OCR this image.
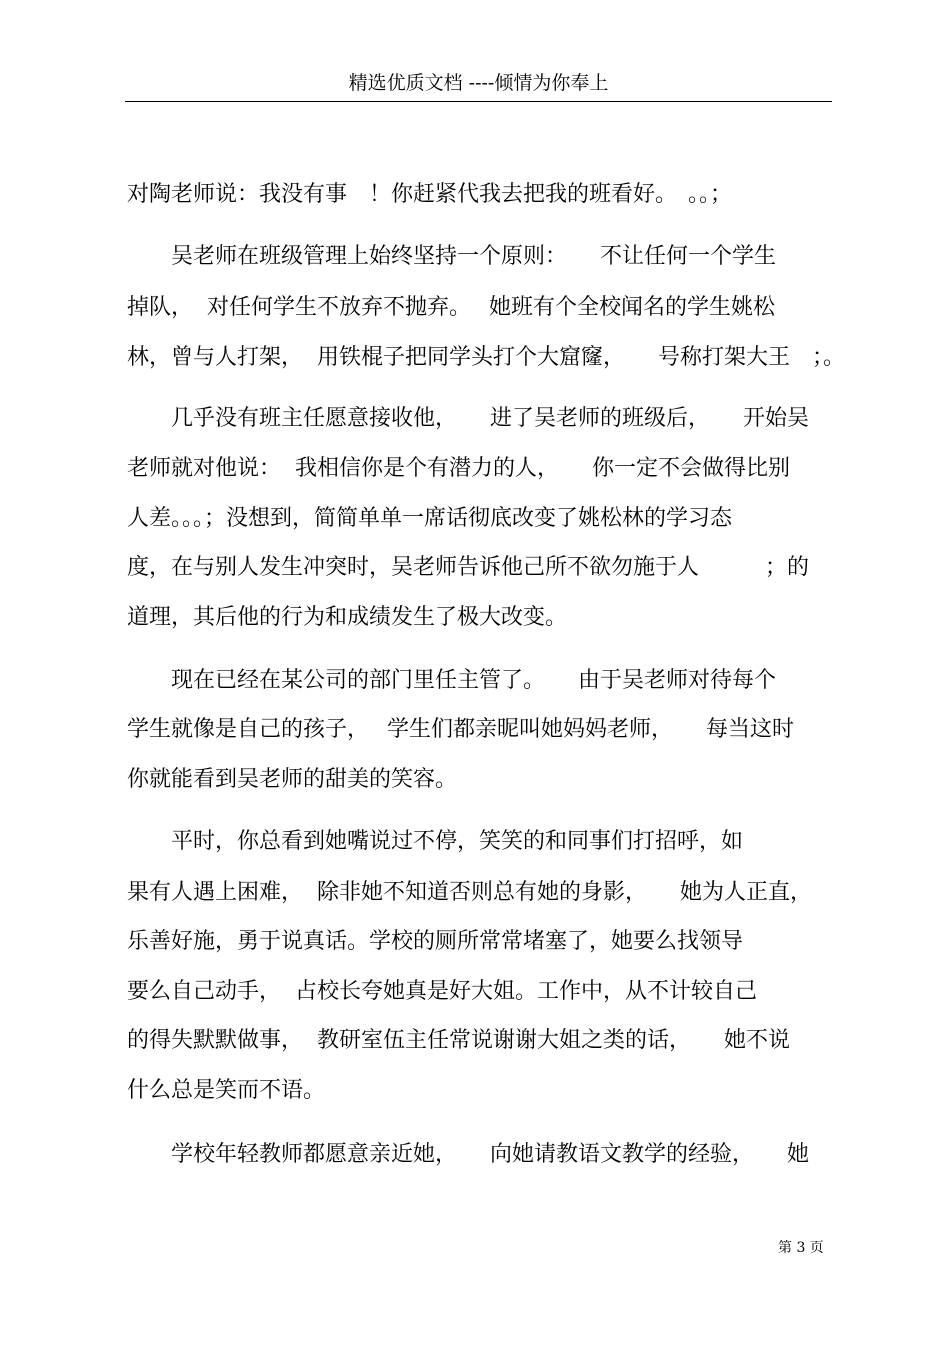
精选优质文档 ----倾情为你奉上
对陶老师说：我没有事　！你赶紧代我去把我的班看好。　。。；
　　吴老师在班级管理上始终坚持一个原则：　　不让任何一个学生
掉队，  对任何学生不放弃不抛弃。　 她班有个全校闻名的学生姚松
林，曾与人打架，  用铁棍子把同学头打个大窟窿，　　号称打架大王　；。
　　几乎没有班主任愿意接收他，　　进了吴老师的班级后，　　开始吴
老师就对他说：  我相信你是个有潜力的人，　　你一定不会做得比别
人差。。。；没想到，简简单单一席话彻底改变了姚松林的学习态
度，在与别人发生冲突时，吴老师告诉他己所不欲勿施于人　　　；的
道理，其后他的行为和成绩发生了极大改变。
　　现在已经在某公司的部门里任主管了。　　由于吴老师对待每个
学生就像是自己的孩子，　 学生们都亲昵叫她妈妈老师，　　每当这时
你就能看到吴老师的甜美的笑容。
　　平时，你总看到她嘴说过不停，笑笑的和同事们打招呼，如
果有人遇上困难，  除非她不知道否则总有她的身影，　　她为人正直，
乐善好施，勇于说真话。学校的厕所常常堵塞了，她要么找领导
要么自己动手，  占校长夸她真是好大姐。工作中，从不计较自己
的得失默默做事，  教研室伍主任常说谢谢大姐之类的话，　　她不说
什么总是笑而不语。
　　学校年轻教师都愿意亲近她，　　向她请教语文教学的经验，　　她
第 3 页
